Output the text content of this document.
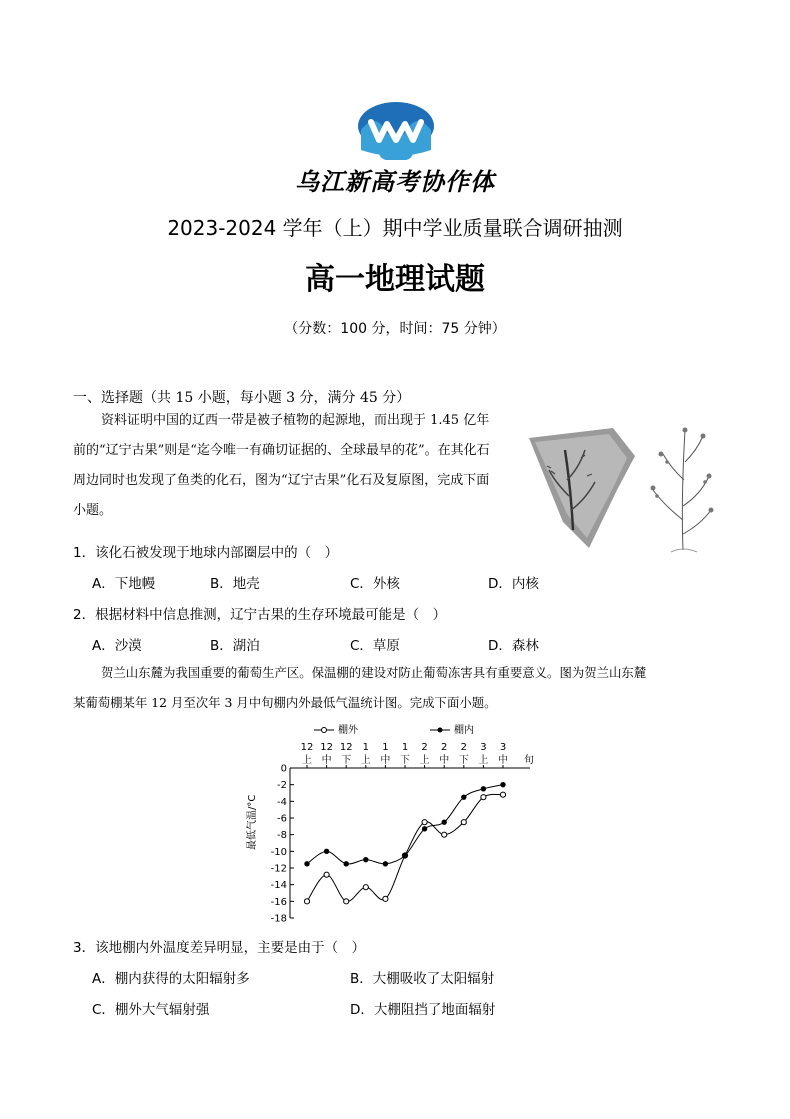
乌江新高考协作体
2023-2024 学年（上）期中学业质量联合调研抽测
高一地理试题
（分数：100 分，时间：75 分钟）
一、选择题（共 15 小题，每小题 3 分，满分 45 分）
资料证明中国的辽西一带是被子植物的起源地，而出现于 1.45 亿年
前的“辽宁古果”则是“迄今唯一有确切证据的、全球最早的花”。在其化石
周边同时也发现了鱼类的化石，图为“辽宁古果”化石及复原图，完成下面
小题。
1．该化石被发现于地球内部圈层中的（　）
A．下地幔	B．地壳	C．外核	D．内核
2．根据材料中信息推测，辽宁古果的生存环境最可能是（　）
A．沙漠	B．湖泊	C．草原	D．森林
贺兰山东麓为我国重要的葡萄生产区。保温棚的建设对防止葡萄冻害具有重要意义。图为贺兰山东麓
某葡萄棚某年 12 月至次年 3 月中旬棚内外最低气温统计图。完成下面小题。
棚外	棚内
最低气温/°C
0
-2
-4
-6
-8
-10
-12
-14
-16
-18
12
上
12
中
12
下
1
上
1
中
1
下
2
上
2
中
2
下
3
上
3
中 旬
3．该地棚内外温度差异明显，主要是由于（　）
A．棚内获得的太阳辐射多	B．大棚吸收了太阳辐射
C．棚外大气辐射强	D．大棚阻挡了地面辐射
